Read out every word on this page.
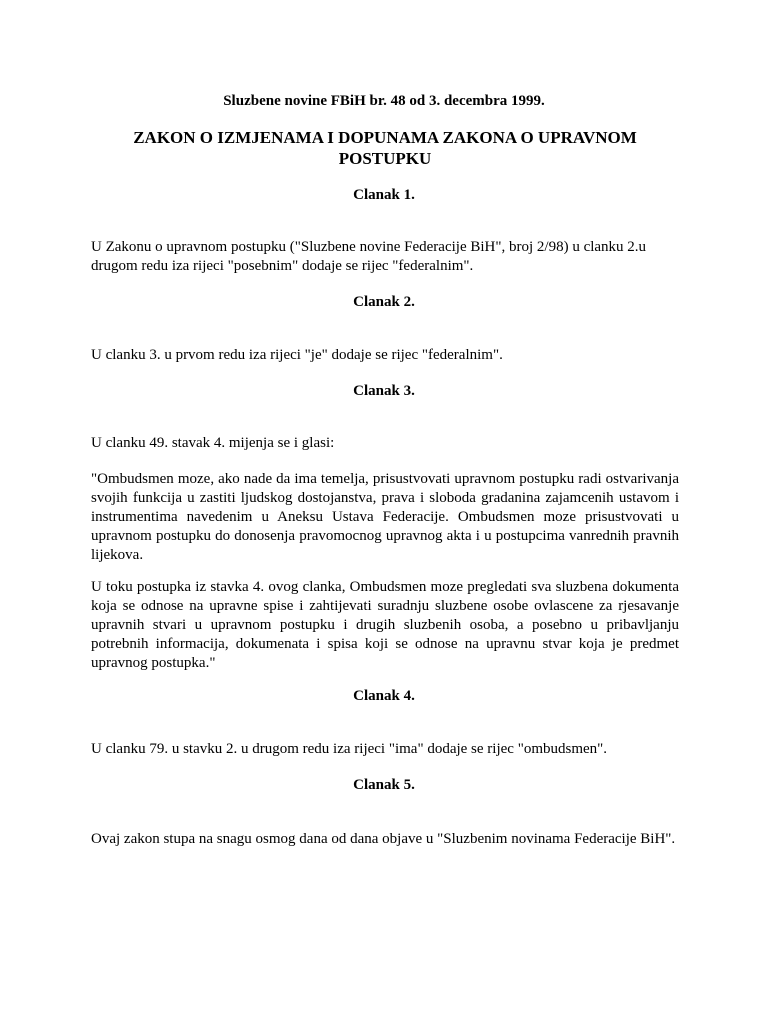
Sluzbene novine FBiH br. 48 od 3. decembra 1999.
ZAKON O IZMJENAMA I DOPUNAMA ZAKONA O UPRAVNOM POSTUPKU
Clanak 1.
U Zakonu o upravnom postupku ("Sluzbene novine Federacije BiH", broj 2/98) u clanku 2.u drugom redu iza rijeci "posebnim" dodaje se rijec "federalnim".
Clanak 2.
U clanku 3. u prvom redu iza rijeci "je" dodaje se rijec "federalnim".
Clanak 3.
U clanku 49. stavak 4. mijenja se i glasi:
"Ombudsmen moze, ako nade da ima temelja, prisustvovati upravnom postupku radi ostvarivanja svojih funkcija u zastiti ljudskog dostojanstva, prava i sloboda gradanina zajamcenih ustavom i instrumentima navedenim u Aneksu Ustava Federacije. Ombudsmen moze prisustvovati u upravnom postupku do donosenja pravomocnog upravnog akta i u postupcima vanrednih pravnih lijekova.
U toku postupka iz stavka 4. ovog clanka, Ombudsmen moze pregledati sva sluzbena dokumenta koja se odnose na upravne spise i zahtijevati suradnju sluzbene osobe ovlascene za rjesavanje upravnih stvari u upravnom postupku i drugih sluzbenih osoba, a posebno u pribavljanju potrebnih informacija, dokumenata i spisa koji se odnose na upravnu stvar koja je predmet upravnog postupka."
Clanak 4.
U clanku 79. u stavku 2. u drugom redu iza rijeci "ima" dodaje se rijec "ombudsmen".
Clanak 5.
Ovaj zakon stupa na snagu osmog dana od dana objave u "Sluzbenim novinama Federacije BiH".
